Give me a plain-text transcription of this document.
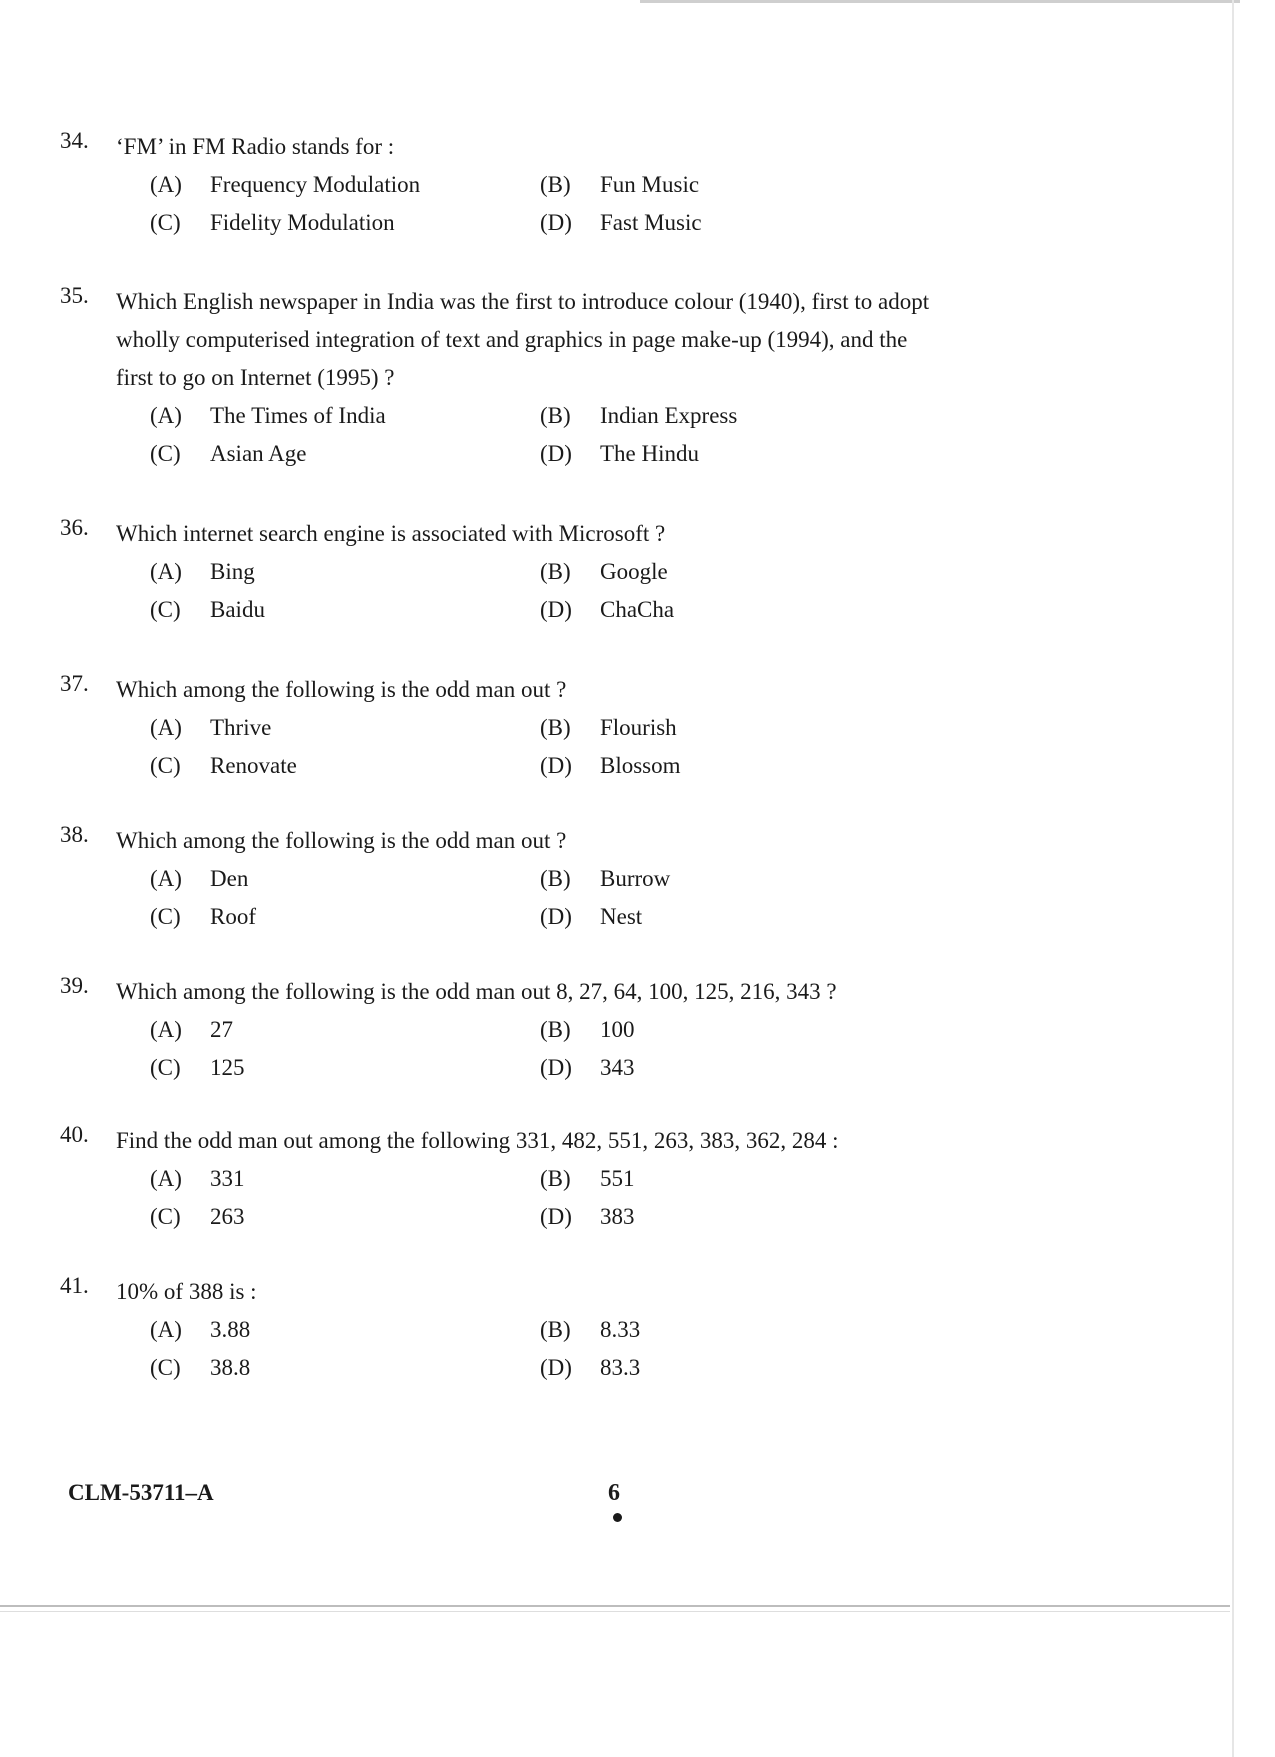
34.	‘FM’ in FM Radio stands for :
(A)	Frequency Modulation	(B)	Fun Music
(C)	Fidelity Modulation	(D)	Fast Music
35.	Which English newspaper in India was the first to introduce colour (1940), first to adopt wholly computerised integration of text and graphics in page make-up (1994), and the first to go on Internet (1995) ?
(A)	The Times of India	(B)	Indian Express
(C)	Asian Age	(D)	The Hindu
36.	Which internet search engine is associated with Microsoft ?
(A)	Bing	(B)	Google
(C)	Baidu	(D)	ChaCha
37.	Which among the following is the odd man out ?
(A)	Thrive	(B)	Flourish
(C)	Renovate	(D)	Blossom
38.	Which among the following is the odd man out ?
(A)	Den	(B)	Burrow
(C)	Roof	(D)	Nest
39.	Which among the following is the odd man out 8, 27, 64, 100, 125, 216, 343 ?
(A)	27	(B)	100
(C)	125	(D)	343
40.	Find the odd man out among the following 331, 482, 551, 263, 383, 362, 284 :
(A)	331	(B)	551
(C)	263	(D)	383
41.	10% of 388 is :
(A)	3.88	(B)	8.33
(C)	38.8	(D)	83.3
CLM-53711–A	6
